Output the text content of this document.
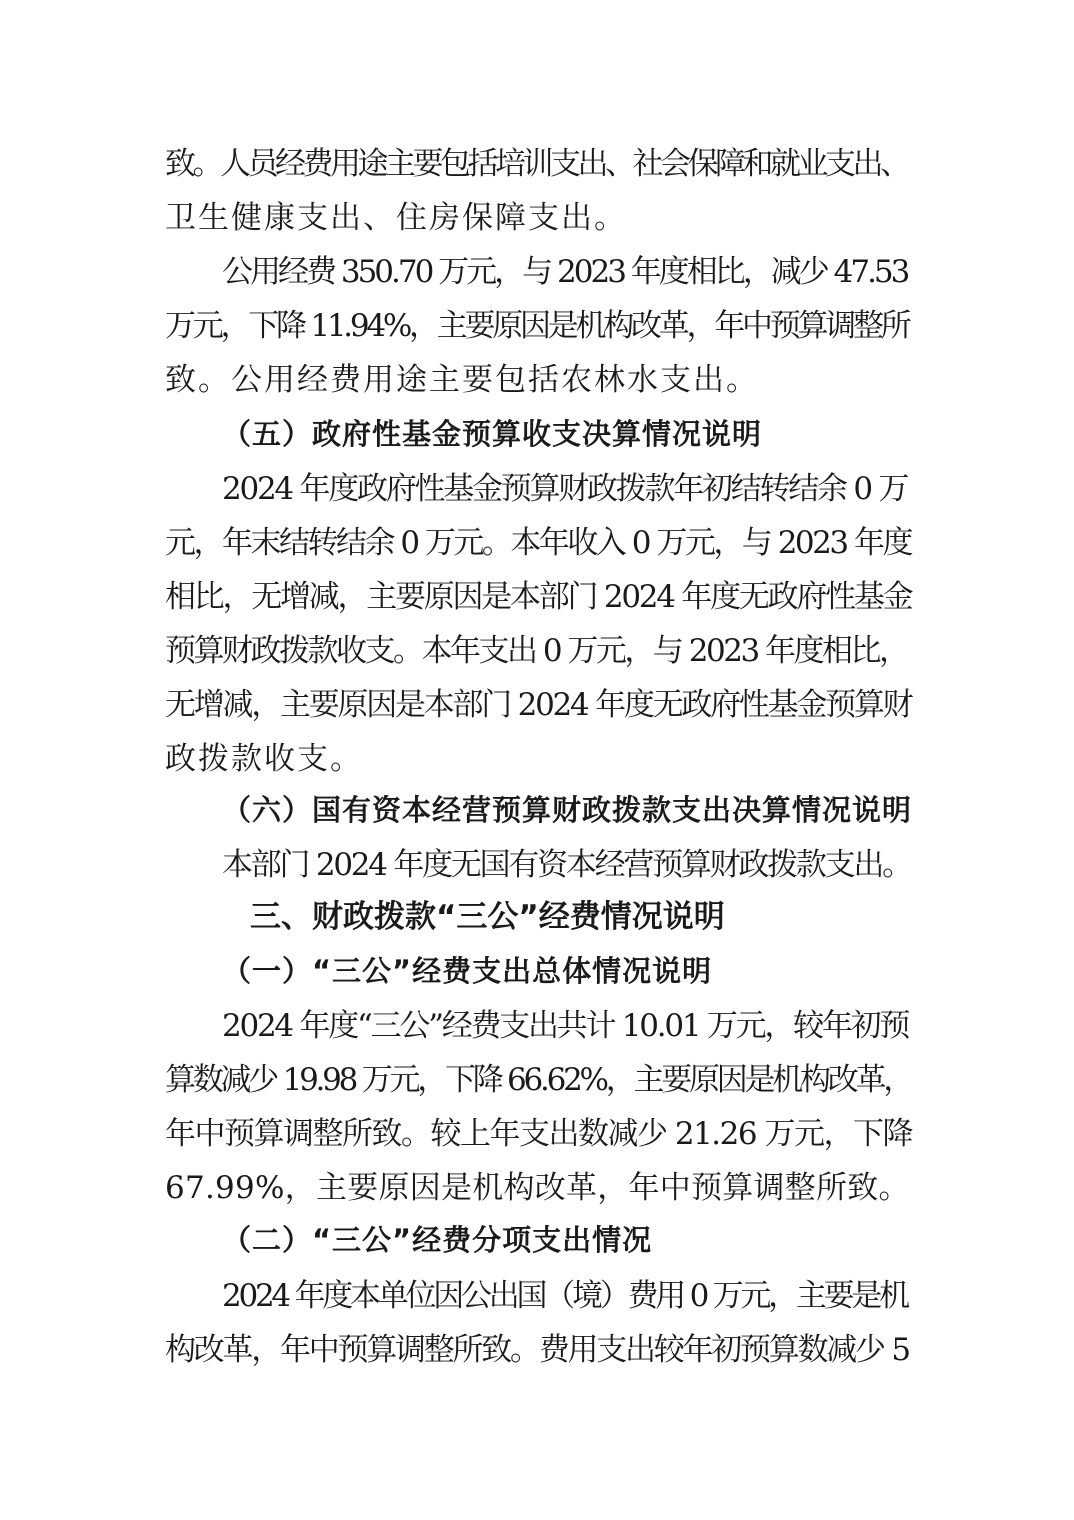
致。人员经费用途主要包括培训支出、社会保障和就业支出、
卫生健康支出、住房保障支出。
公用经费 350.70 万元，与 2023 年度相比，减少 47.53
万元，下降 11.94%，主要原因是机构改革，年中预算调整所
致。公用经费用途主要包括农林水支出。
（五）政府性基金预算收支决算情况说明
2024 年度政府性基金预算财政拨款年初结转结余 0 万
元，年末结转结余 0 万元。本年收入 0 万元，与 2023 年度
相比，无增减，主要原因是本部门 2024 年度无政府性基金
预算财政拨款收支。本年支出 0 万元，与 2023 年度相比，
无增减，主要原因是本部门 2024 年度无政府性基金预算财
政拨款收支。
（六）国有资本经营预算财政拨款支出决算情况说明
本部门 2024 年度无国有资本经营预算财政拨款支出。
三、财政拨款“三公”经费情况说明
（一）“三公”经费支出总体情况说明
2024 年度“三公”经费支出共计 10.01 万元，较年初预
算数减少 19.98 万元，下降 66.62%，主要原因是机构改革，
年中预算调整所致。较上年支出数减少 21.26 万元，下降
67.99%，主要原因是机构改革，年中预算调整所致。
（二）“三公”经费分项支出情况
2024 年度本单位因公出国（境）费用 0 万元，主要是机
构改革，年中预算调整所致。费用支出较年初预算数减少 5
